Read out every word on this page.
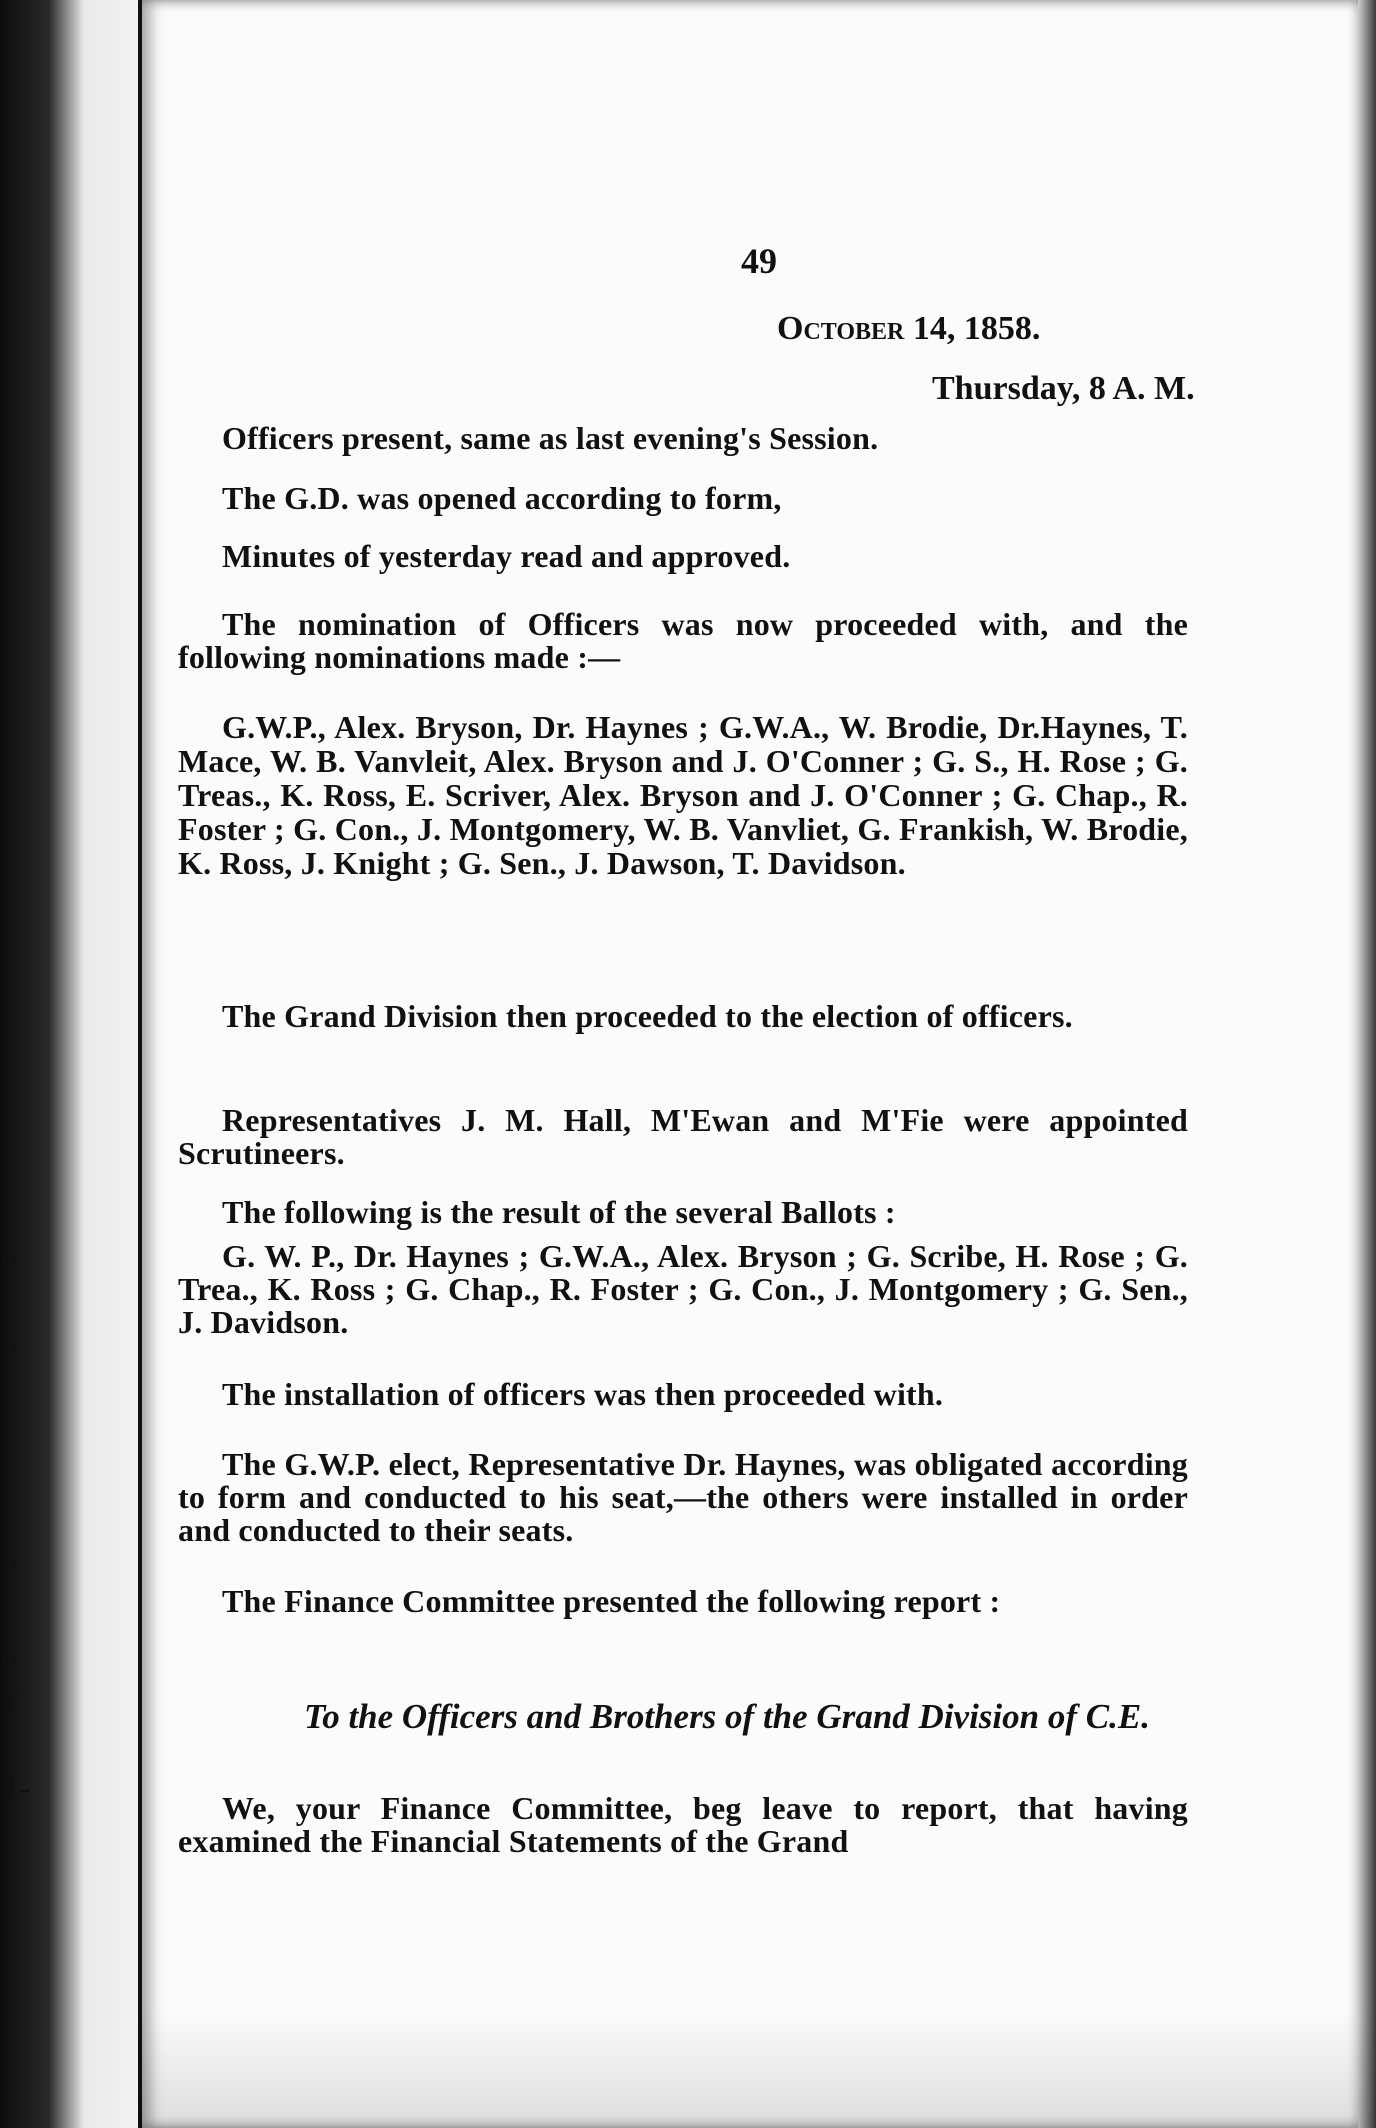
e
e
l
t
e
e
y
1-
49
October 14, 1858.
Thursday, 8 A. M.

Officers present, same as last evening's Session.

The G.D. was opened according to form,

Minutes of yesterday read and approved.

The nomination of Officers was now proceeded with, and the following nominations made :—

G.W.P., Alex. Bryson, Dr. Haynes ; G.W.A., W. Brodie, Dr.Haynes, T. Mace, W. B. Vanvleit, Alex. Bryson and J. O'Conner ; G. S., H. Rose ; G. Treas., K. Ross, E. Scriver, Alex. Bryson and J. O'Conner ; G. Chap., R. Foster ; G. Con., J. Montgomery, W. B. Vanvliet, G. Frankish, W. Brodie, K. Ross, J. Knight ; G. Sen., J. Dawson, T. Davidson.

The Grand Division then proceeded to the election of officers.

Representatives J. M. Hall, M'Ewan and M'Fie were appointed Scrutineers.

The following is the result of the several Ballots :

G. W. P., Dr. Haynes ; G.W.A., Alex. Bryson ; G. Scribe, H. Rose ; G. Trea., K. Ross ; G. Chap., R. Foster ; G. Con., J. Montgomery ; G. Sen., J. Davidson.

The installation of officers was then proceeded with.

The G.W.P. elect, Representative Dr. Haynes, was obligated according to form and conducted to his seat,—the others were installed in order and conducted to their seats.

The Finance Committee presented the following report :

To the Officers and Brothers of the Grand Division of C.E.

We, your Finance Committee, beg leave to report, that having examined the Financial Statements of the Grand
